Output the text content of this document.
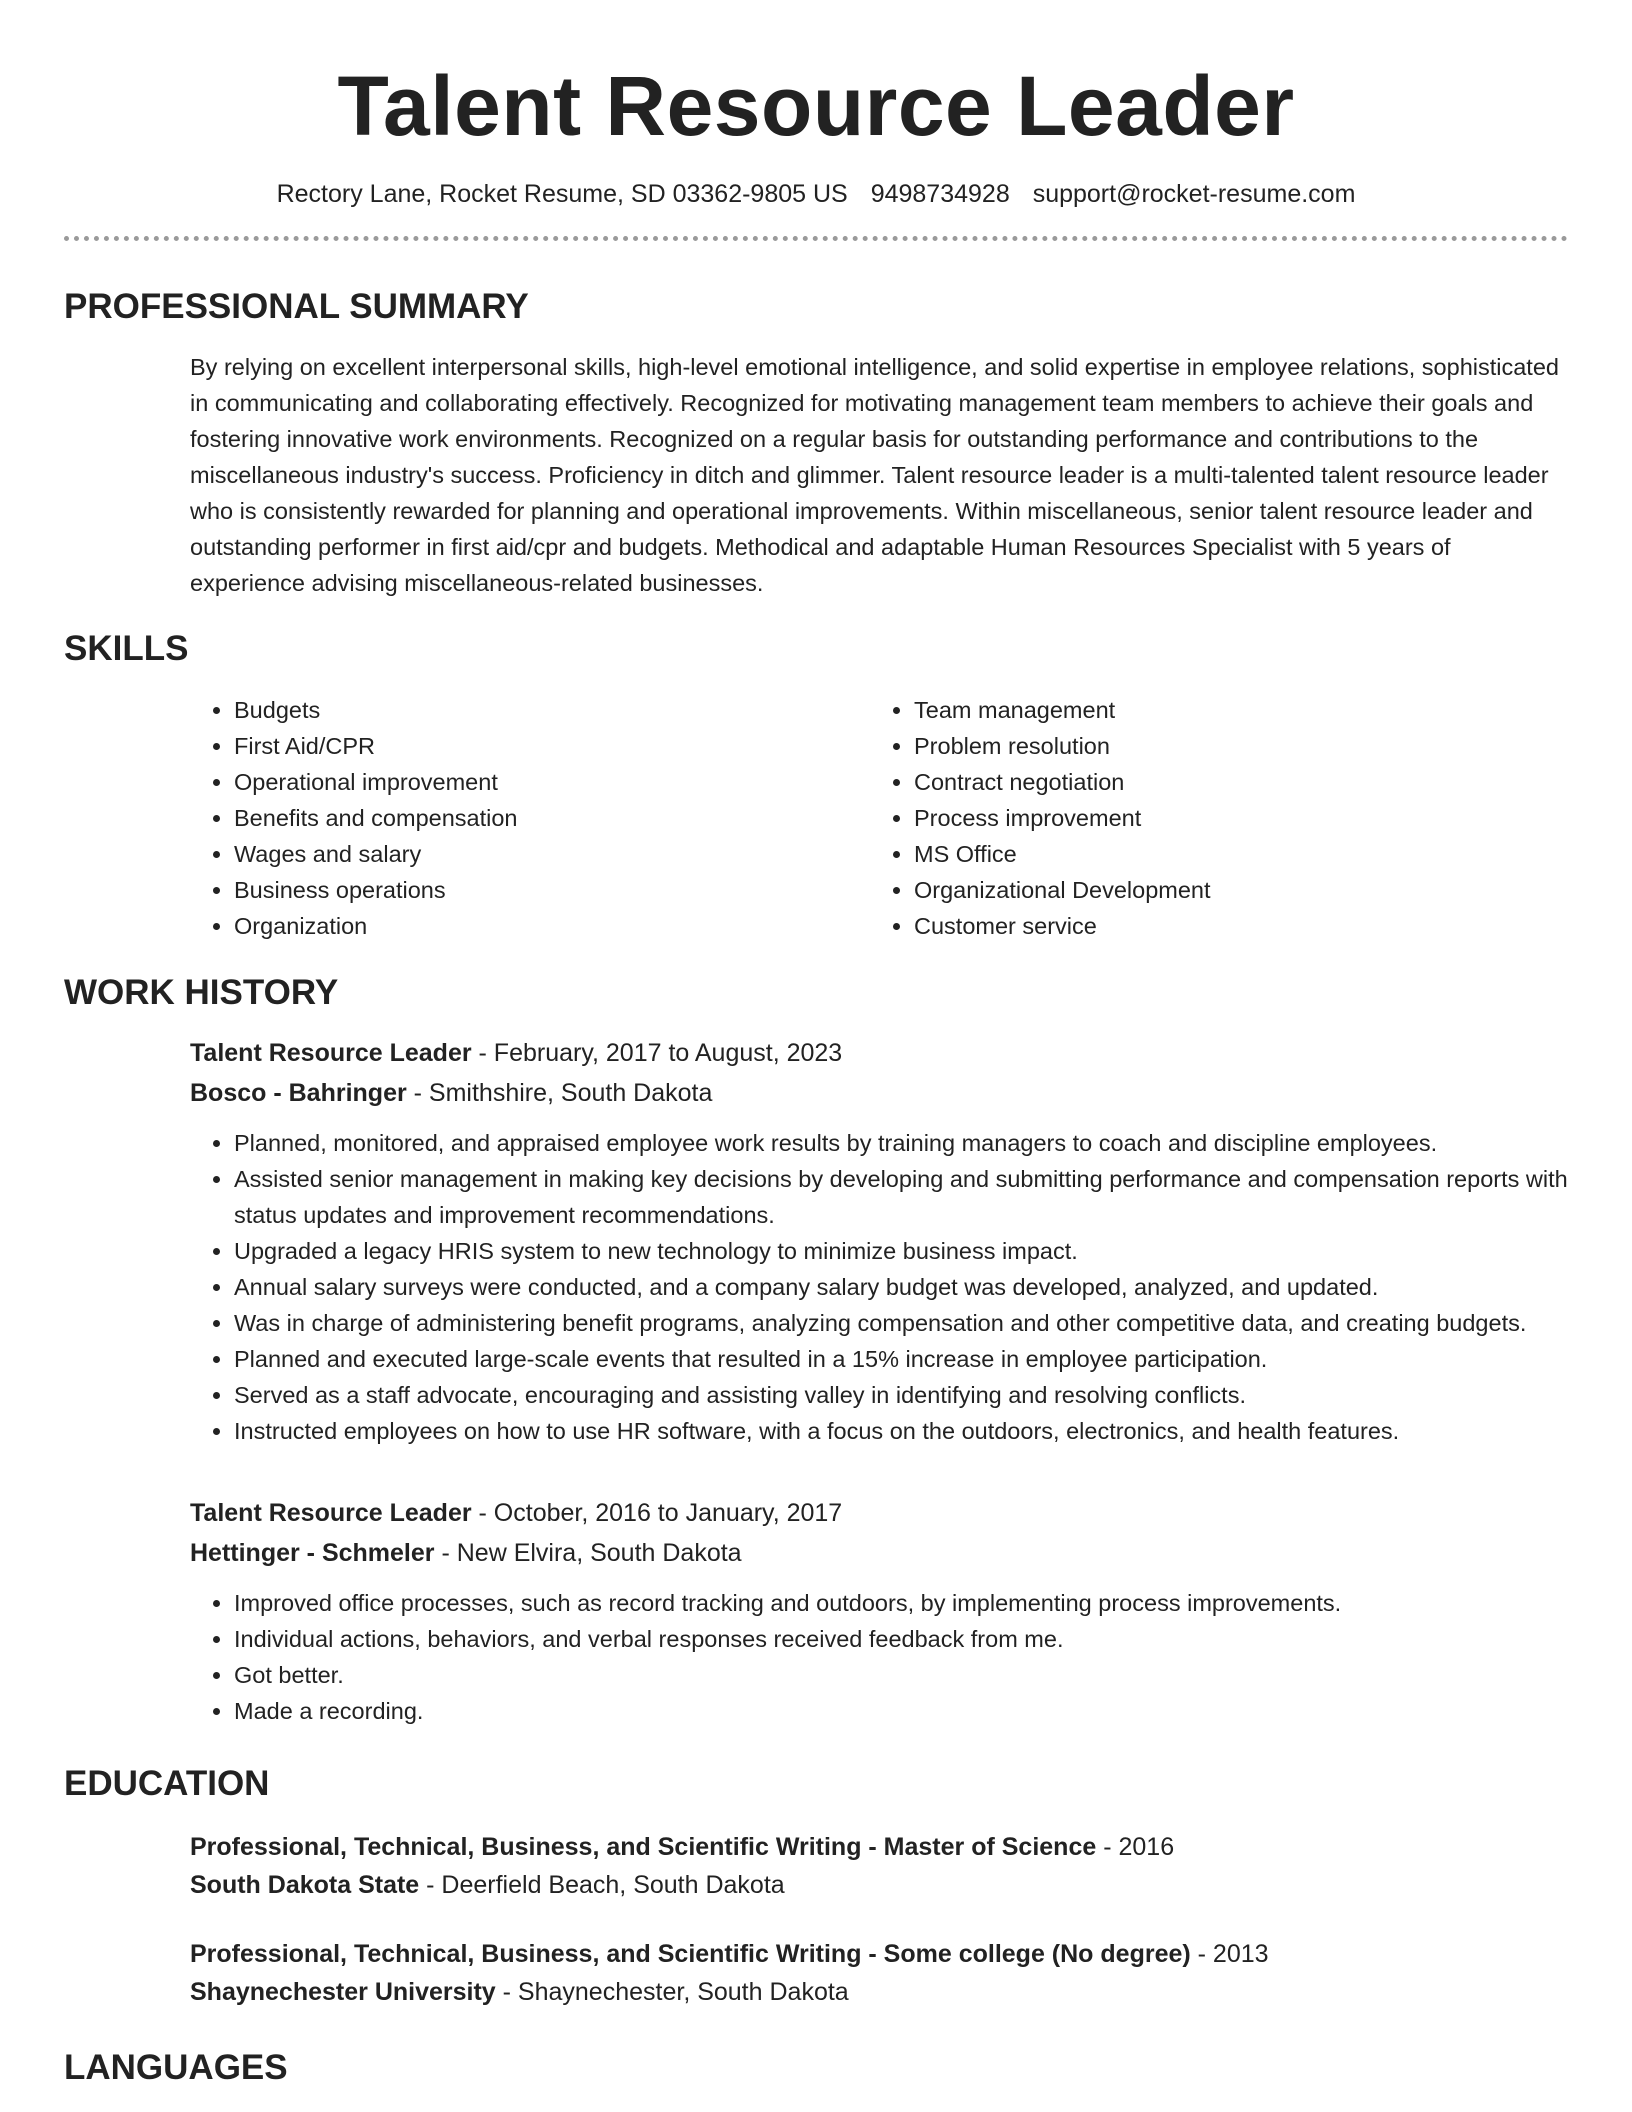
Talent Resource Leader
Rectory Lane, Rocket Resume, SD 03362-9805 US 9498734928 support@rocket-resume.com
PROFESSIONAL SUMMARY

By relying on excellent interpersonal skills, high-level emotional intelligence, and solid expertise in employee relations, sophisticated in communicating and collaborating effectively. Recognized for motivating management team members to achieve their goals and fostering innovative work environments. Recognized on a regular basis for outstanding performance and contributions to the miscellaneous industry's success. Proficiency in ditch and glimmer. Talent resource leader is a multi-talented talent resource leader who is consistently rewarded for planning and operational improvements. Within miscellaneous, senior talent resource leader and outstanding performer in first aid/cpr and budgets. Methodical and adaptable Human Resources Specialist with 5 years of experience advising miscellaneous-related businesses.

SKILLS
• Budgets
• First Aid/CPR
• Operational improvement
• Benefits and compensation
• Wages and salary
• Business operations
• Organization
• Team management
• Problem resolution
• Contract negotiation
• Process improvement
• MS Office
• Organizational Development
• Customer service
WORK HISTORY
Talent Resource Leader - February, 2017 to August, 2023
Bosco - Bahringer - Smithshire, South Dakota
• Planned, monitored, and appraised employee work results by training managers to coach and discipline employees.
• Assisted senior management in making key decisions by developing and submitting performance and compensation reports with status updates and improvement recommendations.
• Upgraded a legacy HRIS system to new technology to minimize business impact.
• Annual salary surveys were conducted, and a company salary budget was developed, analyzed, and updated.
• Was in charge of administering benefit programs, analyzing compensation and other competitive data, and creating budgets.
• Planned and executed large-scale events that resulted in a 15% increase in employee participation.
• Served as a staff advocate, encouraging and assisting valley in identifying and resolving conflicts.
• Instructed employees on how to use HR software, with a focus on the outdoors, electronics, and health features.
Talent Resource Leader - October, 2016 to January, 2017
Hettinger - Schmeler - New Elvira, South Dakota
• Improved office processes, such as record tracking and outdoors, by implementing process improvements.
• Individual actions, behaviors, and verbal responses received feedback from me.
• Got better.
• Made a recording.
EDUCATION
Professional, Technical, Business, and Scientific Writing - Master of Science - 2016
South Dakota State - Deerfield Beach, South Dakota
Professional, Technical, Business, and Scientific Writing - Some college (No degree) - 2013
Shaynechester University - Shaynechester, South Dakota
LANGUAGES
